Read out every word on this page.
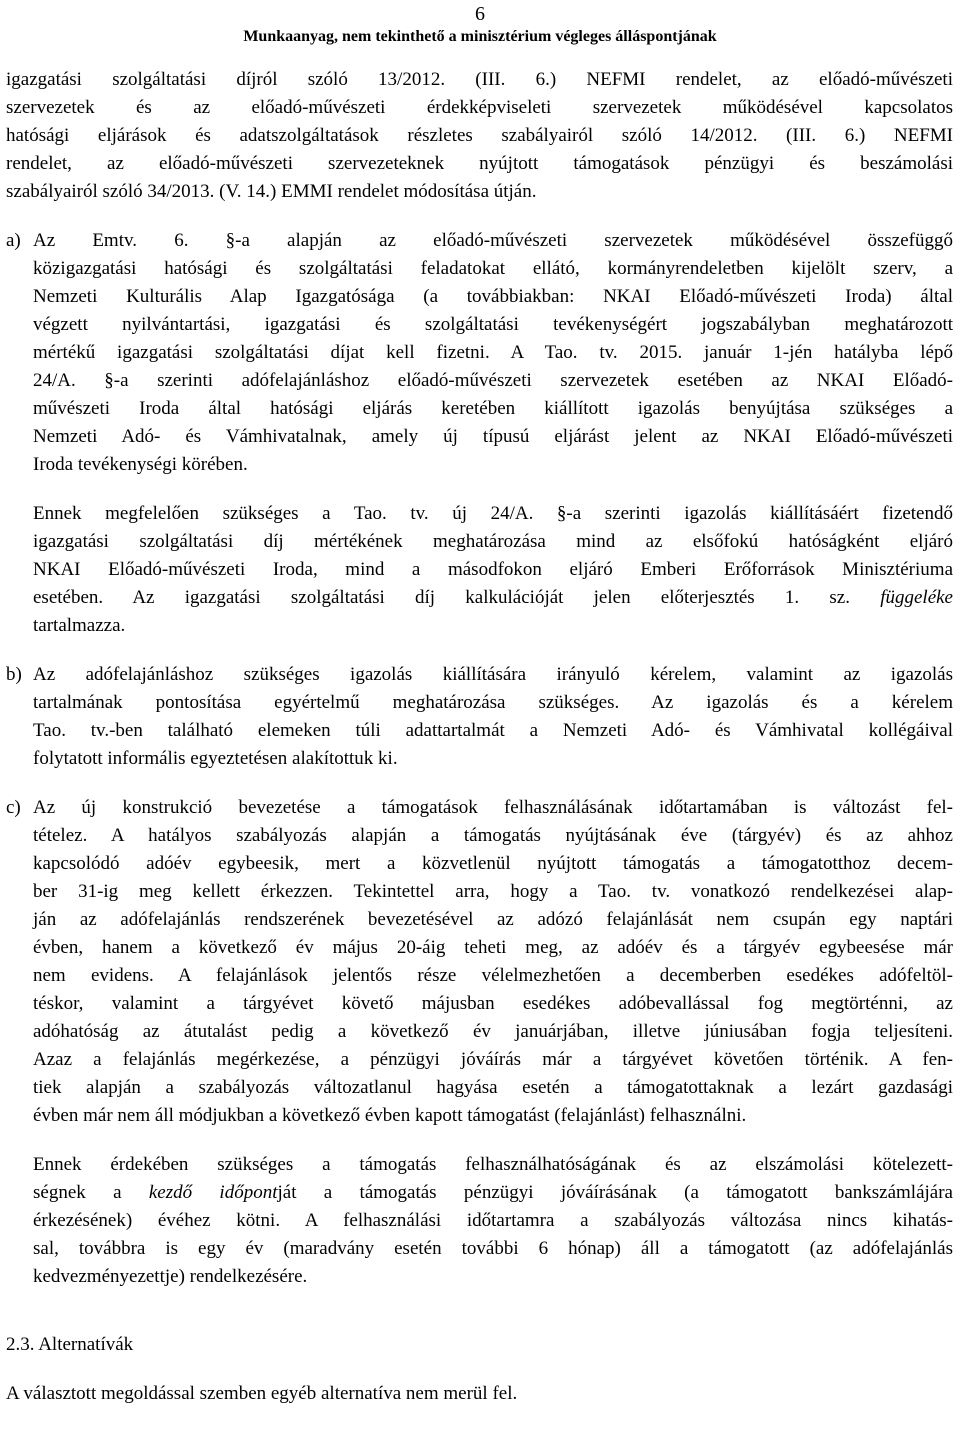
6
Munkaanyag, nem tekinthető a minisztérium végleges álláspontjának

igazgatási szolgáltatási díjról szóló 13/2012. (III. 6.) NEFMI rendelet, az előadó-művészeti

szervezetek és az előadó-művészeti érdekképviseleti szervezetek működésével kapcsolatos

hatósági eljárások és adatszolgáltatások részletes szabályairól szóló 14/2012. (III. 6.) NEFMI

rendelet, az előadó-művészeti szervezeteknek nyújtott támogatások pénzügyi és beszámolási

szabályairól szóló 34/2013. (V. 14.) EMMI rendelet módosítása útján.

a) Az Emtv. 6. §-a alapján az előadó-művészeti szervezetek működésével összefüggő

közigazgatási hatósági és szolgáltatási feladatokat ellátó, kormányrendeletben kijelölt szerv, a

Nemzeti Kulturális Alap Igazgatósága (a továbbiakban: NKAI Előadó-művészeti Iroda) által

végzett nyilvántartási, igazgatási és szolgáltatási tevékenységért jogszabályban meghatározott

mértékű igazgatási szolgáltatási díjat kell fizetni. A Tao. tv. 2015. január 1-jén hatályba lépő

24/A. §-a szerinti adófelajánláshoz előadó-művészeti szervezetek esetében az NKAI Előadó-

művészeti Iroda által hatósági eljárás keretében kiállított igazolás benyújtása szükséges a

Nemzeti Adó- és Vámhivatalnak, amely új típusú eljárást jelent az NKAI Előadó-művészeti

Iroda tevékenységi körében.

Ennek megfelelően szükséges a Tao. tv. új 24/A. §-a szerinti igazolás kiállításáért fizetendő

igazgatási szolgáltatási díj mértékének meghatározása mind az elsőfokú hatóságként eljáró

NKAI Előadó-művészeti Iroda, mind a másodfokon eljáró Emberi Erőforrások Minisztériuma

esetében. Az igazgatási szolgáltatási díj kalkulációját jelen előterjesztés 1. sz. függeléke

tartalmazza.

b) Az adófelajánláshoz szükséges igazolás kiállítására irányuló kérelem, valamint az igazolás

tartalmának pontosítása egyértelmű meghatározása szükséges. Az igazolás és a kérelem

Tao. tv.-ben található elemeken túli adattartalmát a Nemzeti Adó- és Vámhivatal kollégáival

folytatott informális egyeztetésen alakítottuk ki.

c) Az új konstrukció bevezetése a támogatások felhasználásának időtartamában is változást fel-

tételez. A hatályos szabályozás alapján a támogatás nyújtásának éve (tárgyév) és az ahhoz

kapcsolódó adóév egybeesik, mert a közvetlenül nyújtott támogatás a támogatotthoz decem-

ber 31-ig meg kellett érkezzen. Tekintettel arra, hogy a Tao. tv. vonatkozó rendelkezései alap-

ján az adófelajánlás rendszerének bevezetésével az adózó felajánlását nem csupán egy naptári

évben, hanem a következő év május 20-áig teheti meg, az adóév és a tárgyév egybeesése már

nem evidens. A felajánlások jelentős része vélelmezhetően a decemberben esedékes adófeltöl-

téskor, valamint a tárgyévet követő májusban esedékes adóbevallással fog megtörténni, az

adóhatóság az átutalást pedig a következő év januárjában, illetve júniusában fogja teljesíteni.

Azaz a felajánlás megérkezése, a pénzügyi jóváírás már a tárgyévet követően történik. A fen-

tiek alapján a szabályozás változatlanul hagyása esetén a támogatottaknak a lezárt gazdasági

évben már nem áll módjukban a következő évben kapott támogatást (felajánlást) felhasználni.

Ennek érdekében szükséges a támogatás felhasználhatóságának és az elszámolási kötelezett-

ségnek a kezdő időpontját a támogatás pénzügyi jóváírásának (a támogatott bankszámlájára

érkezésének) évéhez kötni. A felhasználási időtartamra a szabályozás változása nincs kihatás-

sal, továbbra is egy év (maradvány esetén további 6 hónap) áll a támogatott (az adófelajánlás

kedvezményezettje) rendelkezésére.

2.3. Alternatívák

A választott megoldással szemben egyéb alternatíva nem merül fel.
